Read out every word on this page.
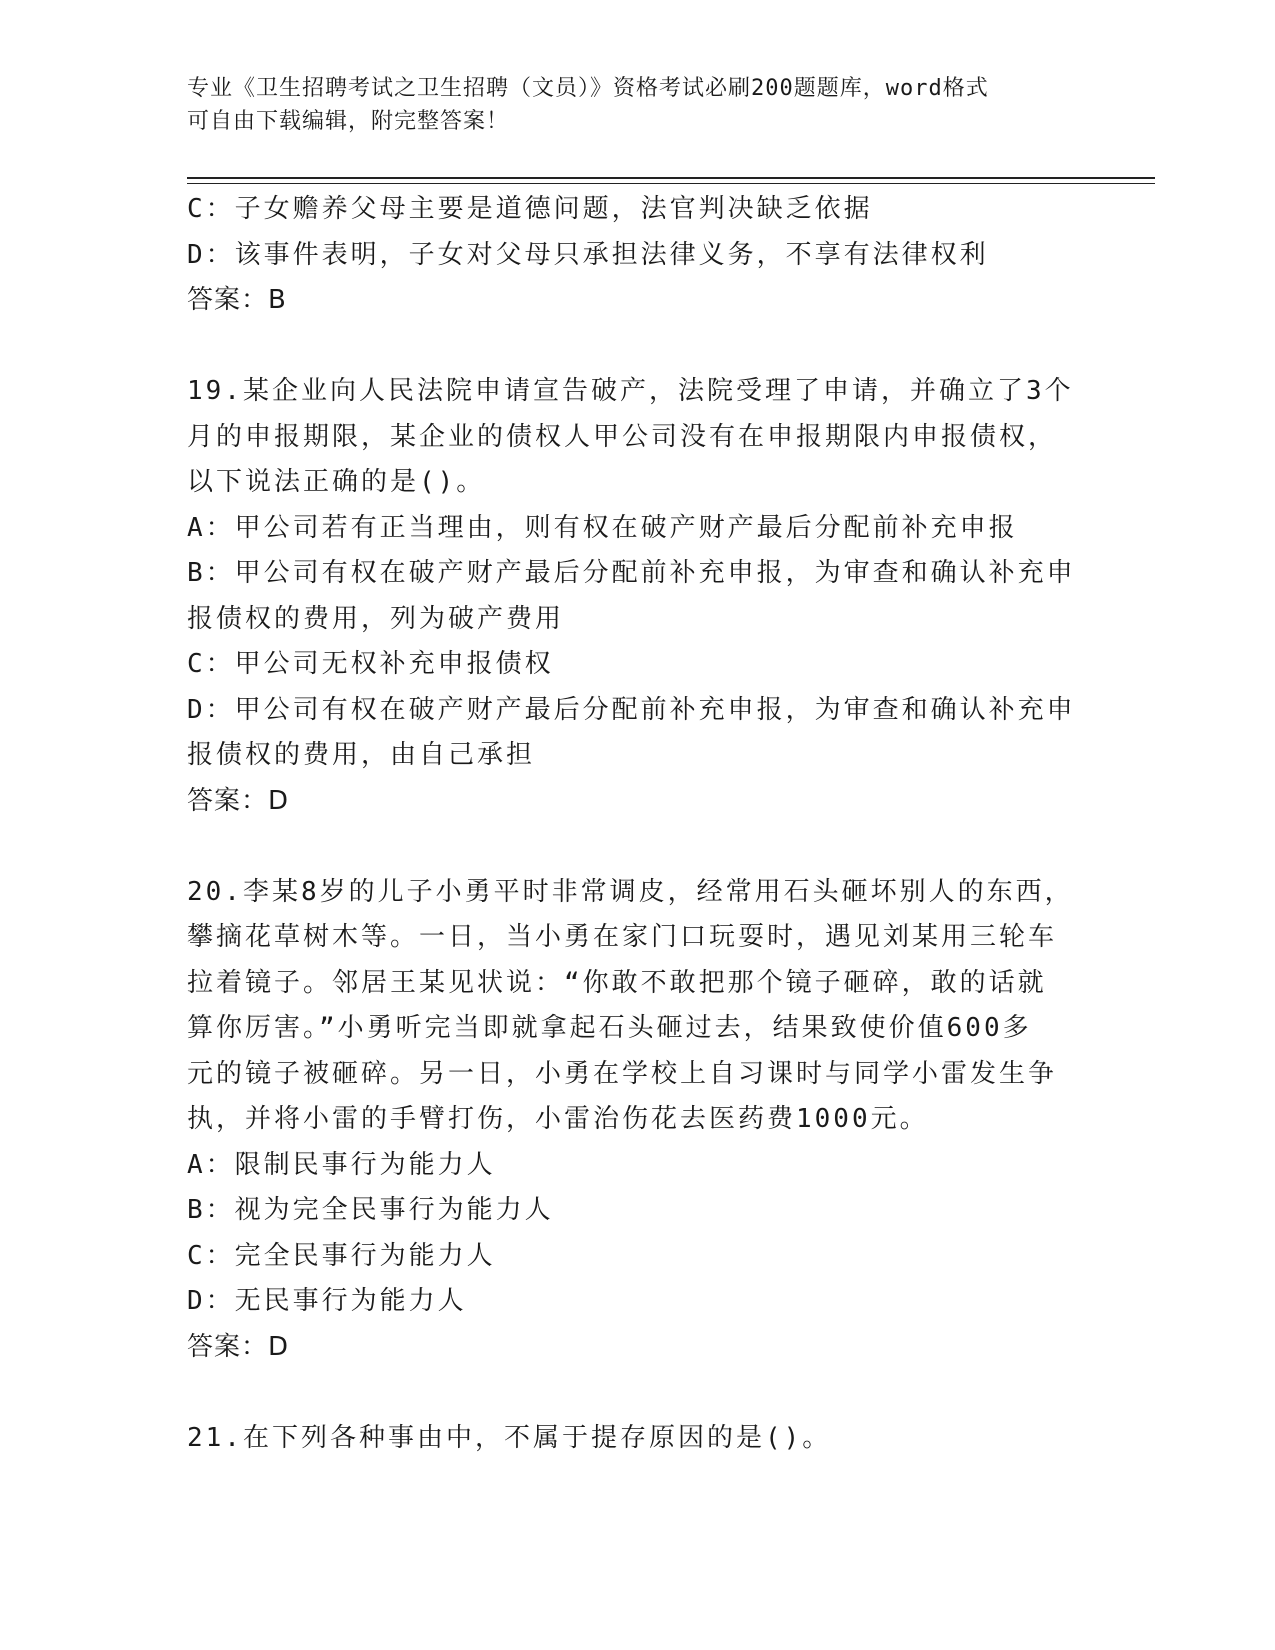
专业《卫生招聘考试之卫生招聘（文员）》资格考试必刷200题题库，word格式
可自由下载编辑，附完整答案！
C：子女赡养父母主要是道德问题，法官判决缺乏依据
D：该事件表明，子女对父母只承担法律义务，不享有法律权利
答案：B
19.某企业向人民法院申请宣告破产，法院受理了申请，并确立了3个
月的申报期限，某企业的债权人甲公司没有在申报期限内申报债权，
以下说法正确的是()。
A：甲公司若有正当理由，则有权在破产财产最后分配前补充申报
B：甲公司有权在破产财产最后分配前补充申报，为审查和确认补充申
报债权的费用，列为破产费用
C：甲公司无权补充申报债权
D：甲公司有权在破产财产最后分配前补充申报，为审查和确认补充申
报债权的费用，由自己承担
答案：D
20.李某8岁的儿子小勇平时非常调皮，经常用石头砸坏别人的东西，
攀摘花草树木等。一日，当小勇在家门口玩耍时，遇见刘某用三轮车
拉着镜子。邻居王某见状说：“你敢不敢把那个镜子砸碎，敢的话就
算你厉害。”小勇听完当即就拿起石头砸过去，结果致使价值600多
元的镜子被砸碎。另一日，小勇在学校上自习课时与同学小雷发生争
执，并将小雷的手臂打伤，小雷治伤花去医药费1000元。
A：限制民事行为能力人
B：视为完全民事行为能力人
C：完全民事行为能力人
D：无民事行为能力人
答案：D
21.在下列各种事由中，不属于提存原因的是()。
